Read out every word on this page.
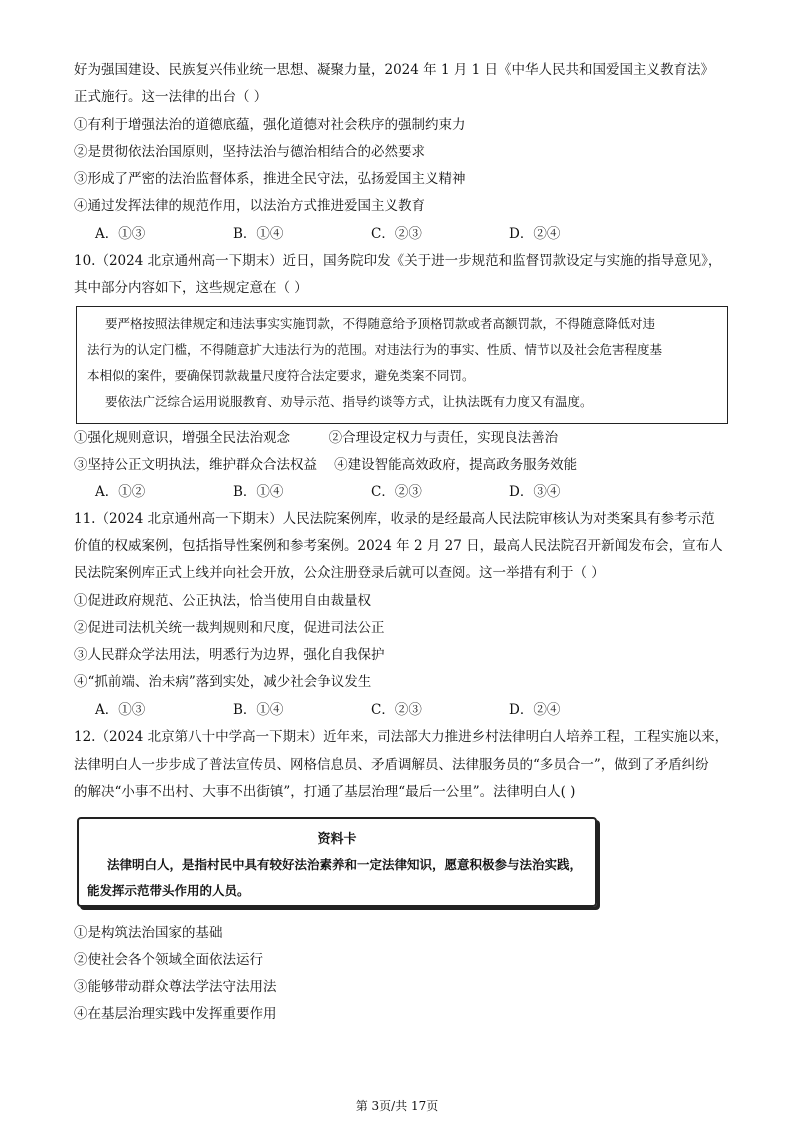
好为强国建设、民族复兴伟业统一思想、凝聚力量，2024 年 1 月 1 日《中华人民共和国爱国主义教育法》
正式施行。这一法律的出台（ ）
①有利于增强法治的道德底蕴，强化道德对社会秩序的强制约束力
②是贯彻依法治国原则，坚持法治与德治相结合的必然要求
③形成了严密的法治监督体系，推进全民守法，弘扬爱国主义精神
④通过发挥法律的规范作用，以法治方式推进爱国主义教育
A．①③	B．①④	C．②③	D．②④
10.（2024 北京通州高一下期末）近日，国务院印发《关于进一步规范和监督罚款设定与实施的指导意见》，
其中部分内容如下，这些规定意在（ ）
要严格按照法律规定和违法事实实施罚款，不得随意给予顶格罚款或者高额罚款，不得随意降低对违
法行为的认定门槛，不得随意扩大违法行为的范围。对违法行为的事实、性质、情节以及社会危害程度基
本相似的案件，要确保罚款裁量尺度符合法定要求，避免类案不同罚。
要依法广泛综合运用说服教育、劝导示范、指导约谈等方式，让执法既有力度又有温度。
①强化规则意识，增强全民法治观念         ②合理设定权力与责任，实现良法善治
③坚持公正文明执法，维护群众合法权益    ④建设智能高效政府，提高政务服务效能
A．①②	B．①④	C．②③	D．③④
11.（2024 北京通州高一下期末）人民法院案例库，收录的是经最高人民法院审核认为对类案具有参考示范
价值的权威案例，包括指导性案例和参考案例。2024 年 2 月 27 日，最高人民法院召开新闻发布会，宣布人
民法院案例库正式上线并向社会开放，公众注册登录后就可以查阅。这一举措有利于（ ）
①促进政府规范、公正执法，恰当使用自由裁量权
②促进司法机关统一裁判规则和尺度，促进司法公正
③人民群众学法用法，明悉行为边界，强化自我保护
④“抓前端、治未病”落到实处，减少社会争议发生
A．①③	B．①④	C．②③	D．②④
12.（2024 北京第八十中学高一下期末）近年来，司法部大力推进乡村法律明白人培养工程，工程实施以来，
法律明白人一步步成了普法宣传员、网格信息员、矛盾调解员、法律服务员的“多员合一”，做到了矛盾纠纷
的解决“小事不出村、大事不出街镇”，打通了基层治理“最后一公里”。法律明白人( )
资料卡
法律明白人，是指村民中具有较好法治素养和一定法律知识，愿意积极参与法治实践，
能发挥示范带头作用的人员。
①是构筑法治国家的基础
②使社会各个领域全面依法运行
③能够带动群众尊法学法守法用法
④在基层治理实践中发挥重要作用
第 3页/共 17页
